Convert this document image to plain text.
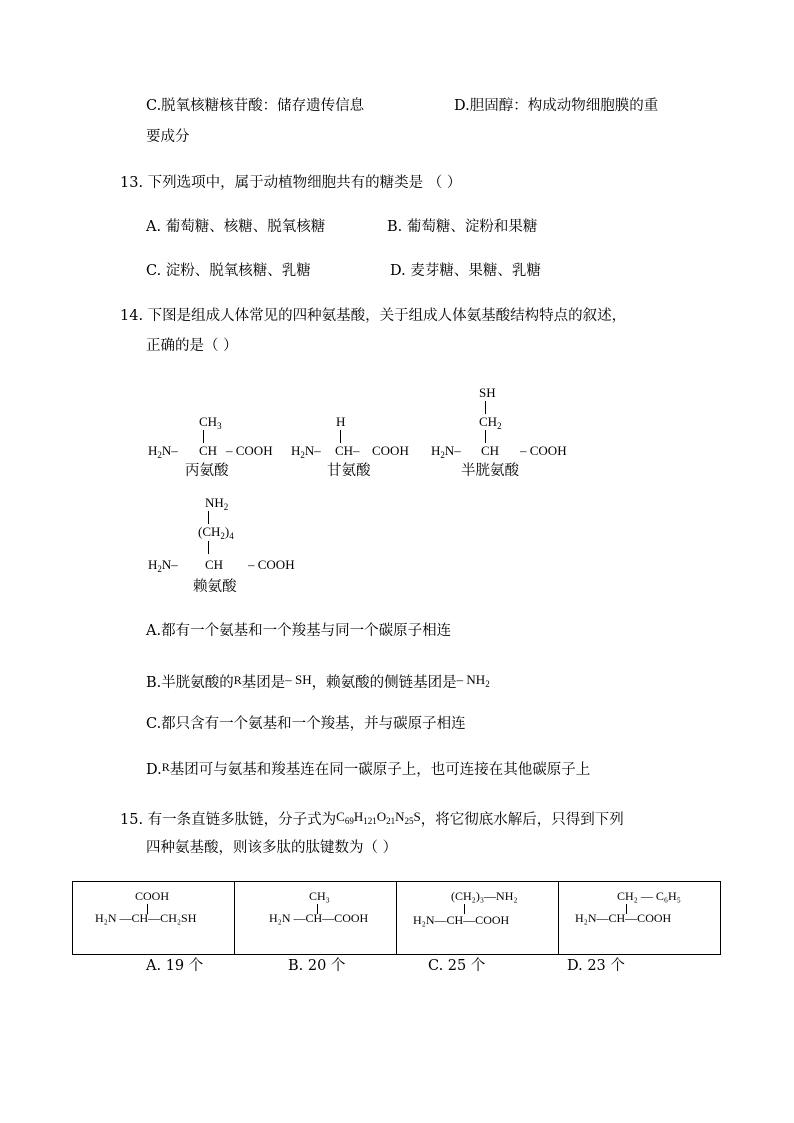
C.脱氧核糖核苷酸：储存遗传信息	D.胆固醇：构成动物细胞膜的重
要成分
13. 下列选项中，属于动植物细胞共有的糖类是 （ ）
A. 葡萄糖、核糖、脱氧核糖	B. 葡萄糖、淀粉和果糖
C. 淀粉、脱氧核糖、乳糖	D. 麦芽糖、果糖、乳糖
14. 下图是组成人体常见的四种氨基酸，关于组成人体氨基酸结构特点的叙述，
正确的是（ ）
$CH_3$
$H_2N-$ CH – COOH
丙氨酸
H
$H_2N-$ CH– COOH
甘氨酸
SH
$CH_2$
$H_2N-$ CH – COOH
半胱氨酸
$NH_2$
$(CH_2)_4$
$H_2N-$ CH – COOH
赖氨酸
A.都有一个氨基和一个羧基与同一个碳原子相连
B.半胱氨酸的$^R$基团是– SH，赖氨酸的侧链基团是– $NH_2$
C.都只含有一个氨基和一个羧基，并与碳原子相连
D.$^R$基团可与氨基和羧基连在同一碳原子上，也可连接在其他碳原子上
15. 有一条直链多肽链，分子式为$C_{69}H_{121}O_{21}N_{25}S$，将它彻底水解后，只得到下列
四种氨基酸，则该多肽的肽键数为（ ）
COOH
H₂N —CH—CH₂SH

CH₃
H₂N —CH—COOH

(CH₂)₃—NH₂
H₂N—CH—COOH

CH₂ — C₆H₅
H₂N—CH—COOH
A. 19 个	B. 20 个	C. 25 个	D. 23 个
